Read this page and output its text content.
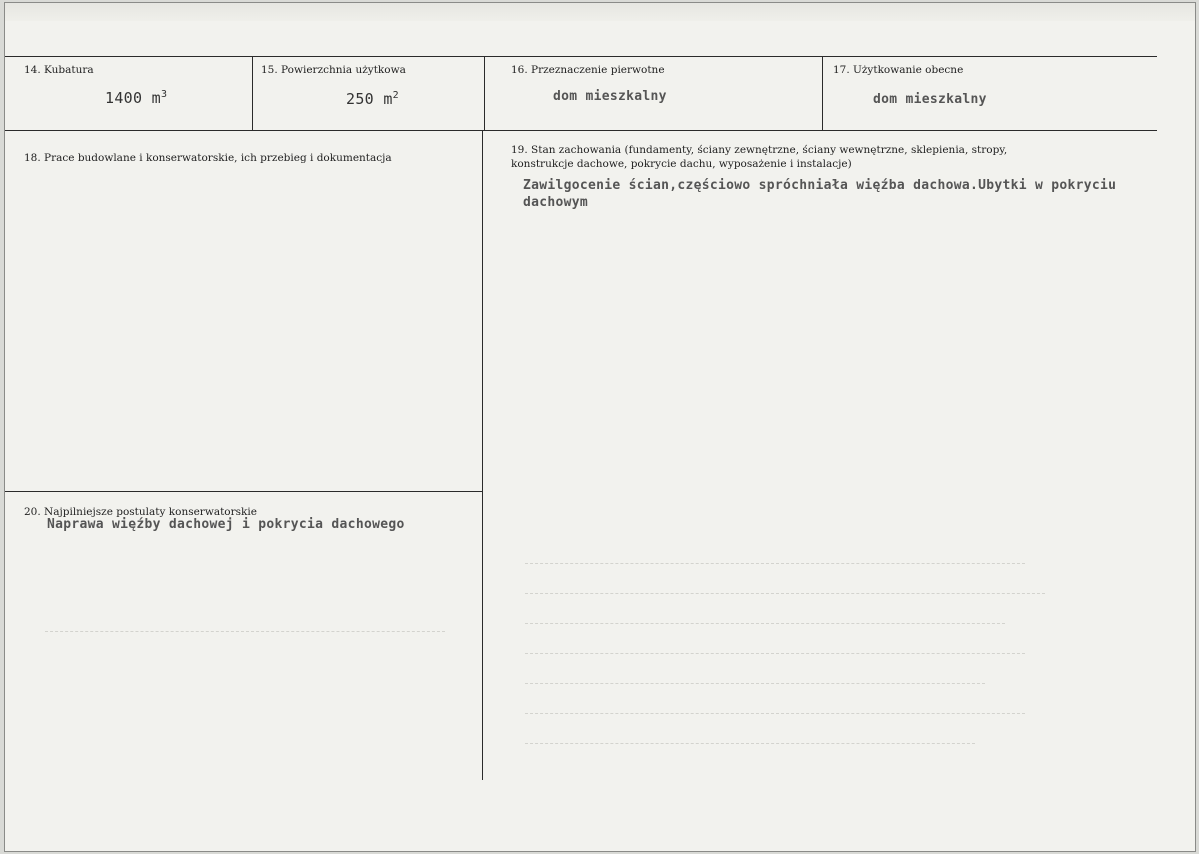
14. Kubatura
1400 $m^3$
15. Powierzchnia użytkowa
250 $m^2$
16. Przeznaczenie pierwotne
dom mieszkalny
17. Użytkowanie obecne
dom mieszkalny
18. Prace budowlane i konserwatorskie, ich przebieg i dokumentacja
19. Stan zachowania (fundamenty, ściany zewnętrzne, ściany wewnętrzne, sklepienia, stropy,
konstrukcje dachowe, pokrycie dachu, wyposażenie i instalacje)
Zawilgocenie ścian,częściowo spróchniała więźba dachowa.Ubytki w pokryciu
dachowym
20. Najpilniejsze postulaty konserwatorskie
Naprawa więźby dachowej i pokrycia dachowego
